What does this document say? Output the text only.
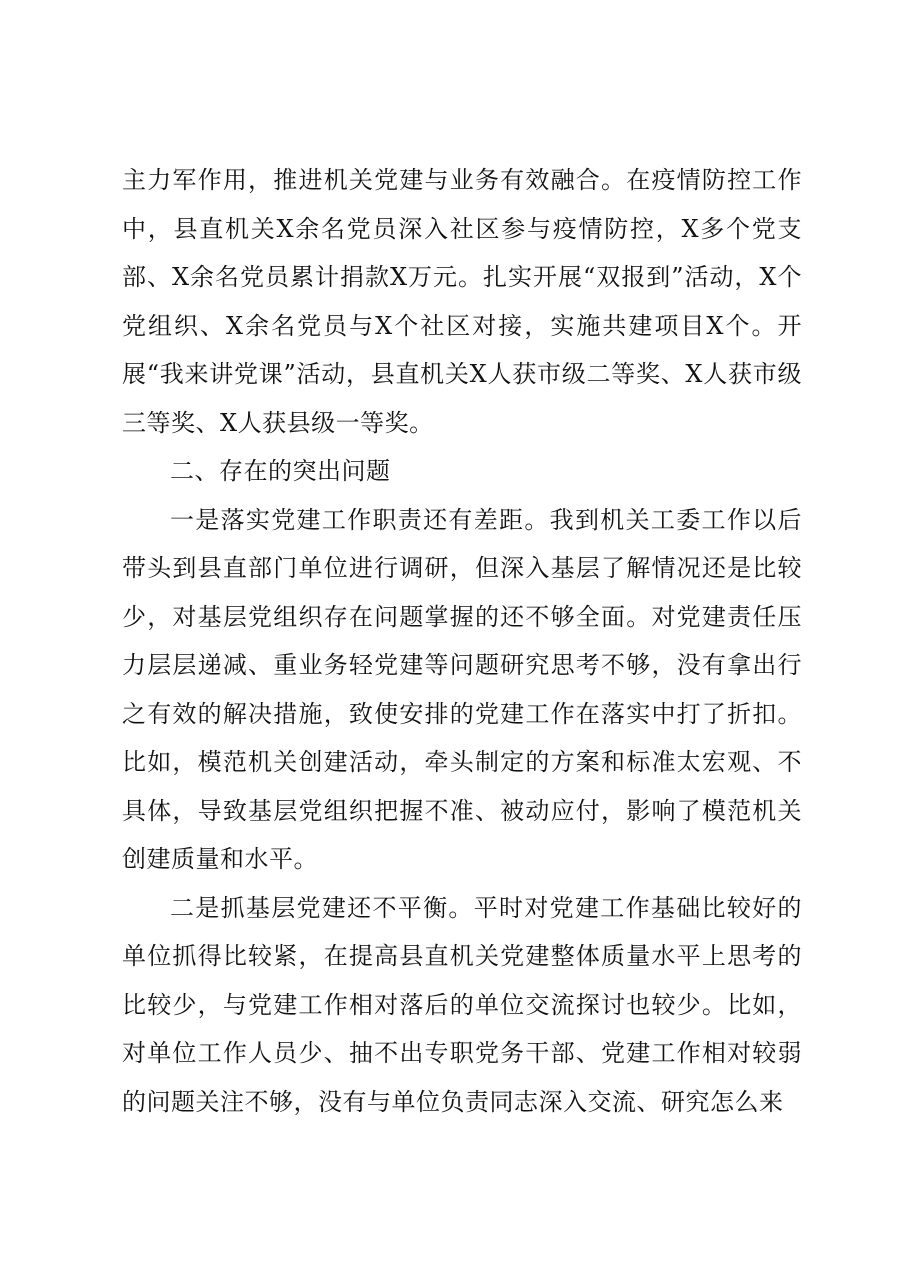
主力军作用，推进机关党建与业务有效融合。在疫情防控工作中，县直机关X余名党员深入社区参与疫情防控，X多个党支部、X余名党员累计捐款X万元。扎实开展“双报到”活动，X个党组织、X余名党员与X个社区对接，实施共建项目X个。开展“我来讲党课”活动，县直机关X人获市级二等奖、X人获市级三等奖、X人获县级一等奖。

二、存在的突出问题

一是落实党建工作职责还有差距。我到机关工委工作以后带头到县直部门单位进行调研，但深入基层了解情况还是比较少，对基层党组织存在问题掌握的还不够全面。对党建责任压力层层递减、重业务轻党建等问题研究思考不够，没有拿出行之有效的解决措施，致使安排的党建工作在落实中打了折扣。比如，模范机关创建活动，牵头制定的方案和标准太宏观、不具体，导致基层党组织把握不准、被动应付，影响了模范机关创建质量和水平。

二是抓基层党建还不平衡。平时对党建工作基础比较好的单位抓得比较紧，在提高县直机关党建整体质量水平上思考的比较少，与党建工作相对落后的单位交流探讨也较少。比如，对单位工作人员少、抽不出专职党务干部、党建工作相对较弱的问题关注不够，没有与单位负责同志深入交流、研究怎么来
